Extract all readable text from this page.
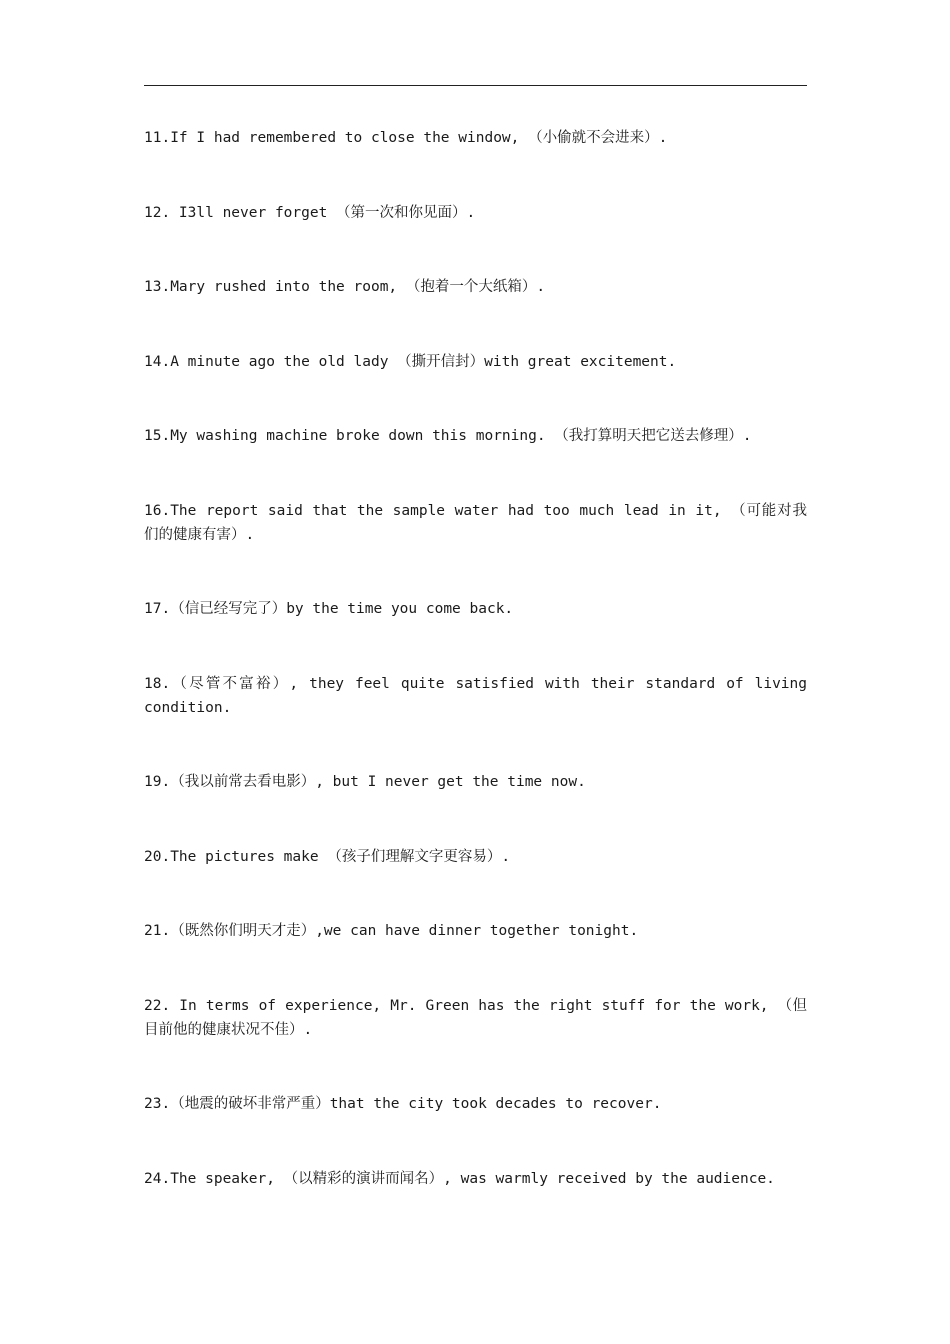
11.If I had remembered to close the window, （小偷就不会进来）.
12. I3ll never forget （第一次和你见面）.
13.Mary rushed into the room, （抱着一个大纸箱）.
14.A minute ago the old lady （撕开信封）with great excitement.
15.My washing machine broke down this morning. （我打算明天把它送去修理）.
16.The report said that the sample water had too much lead in it, （可能对我们的健康有害）.
17.（信已经写完了）by the time you come back.
18.（尽管不富裕）, they feel quite satisfied with their standard of living condition.
19.（我以前常去看电影）, but I never get the time now.
20.The pictures make （孩子们理解文字更容易）.
21.（既然你们明天才走）,we can have dinner together tonight.
22. In terms of experience, Mr. Green has the right stuff for the work, （但目前他的健康状况不佳）.
23.（地震的破坏非常严重）that the city took decades to recover.
24.The speaker, （以精彩的演讲而闻名）, was warmly received by the audience.
